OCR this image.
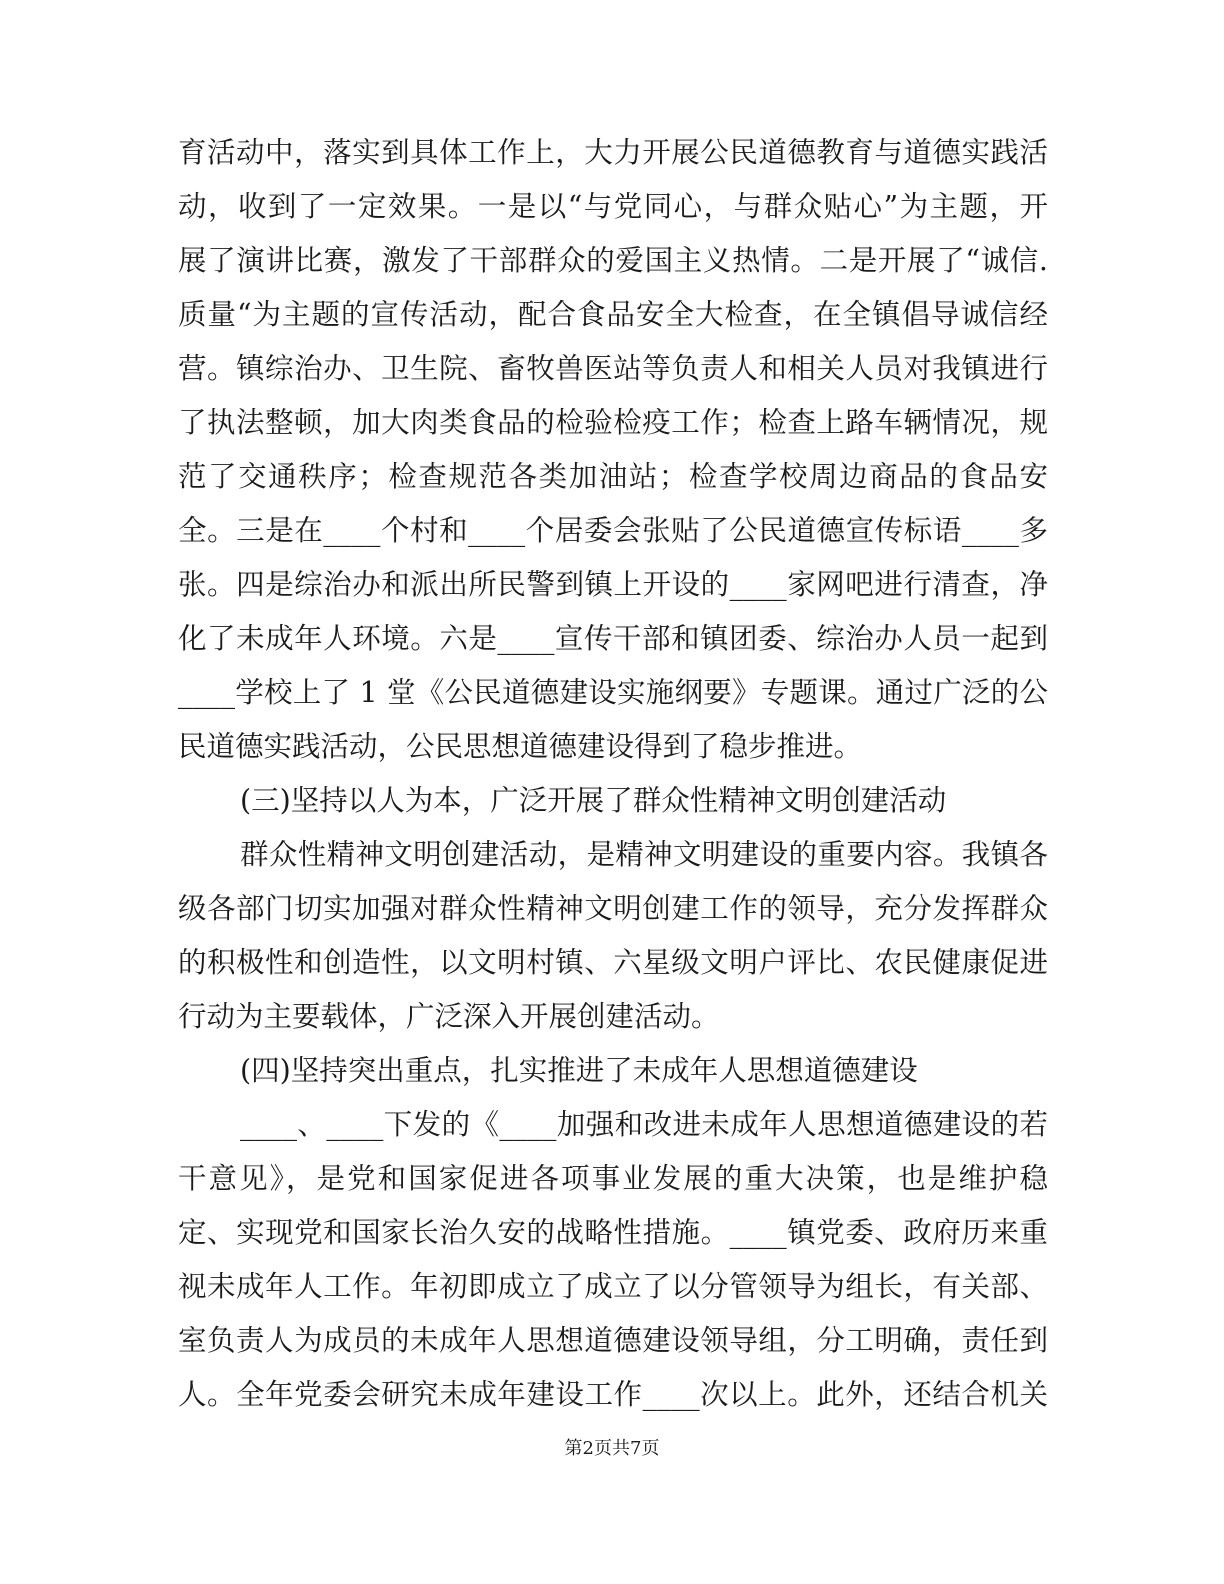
育活动中，落实到具体工作上，大力开展公民道德教育与道德实践活
动，收到了一定效果。一是以“与党同心，与群众贴心”为主题，开
展了演讲比赛，激发了干部群众的爱国主义热情。二是开展了“诚信.
质量“为主题的宣传活动，配合食品安全大检查，在全镇倡导诚信经
营。镇综治办、卫生院、畜牧兽医站等负责人和相关人员对我镇进行
了执法整顿，加大肉类食品的检验检疫工作；检查上路车辆情况，规
范了交通秩序；检查规范各类加油站；检查学校周边商品的食品安
全。三是在____个村和____个居委会张贴了公民道德宣传标语____多
张。四是综治办和派出所民警到镇上开设的____家网吧进行清查，净
化了未成年人环境。六是____宣传干部和镇团委、综治办人员一起到
____学校上了 1 堂《公民道德建设实施纲要》专题课。通过广泛的公
民道德实践活动，公民思想道德建设得到了稳步推进。
(三)坚持以人为本，广泛开展了群众性精神文明创建活动
群众性精神文明创建活动，是精神文明建设的重要内容。我镇各
级各部门切实加强对群众性精神文明创建工作的领导，充分发挥群众
的积极性和创造性，以文明村镇、六星级文明户评比、农民健康促进
行动为主要载体，广泛深入开展创建活动。
(四)坚持突出重点，扎实推进了未成年人思想道德建设
____、____下发的《____加强和改进未成年人思想道德建设的若
干意见》，是党和国家促进各项事业发展的重大决策，也是维护稳
定、实现党和国家长治久安的战略性措施。____镇党委、政府历来重
视未成年人工作。年初即成立了成立了以分管领导为组长，有关部、
室负责人为成员的未成年人思想道德建设领导组，分工明确，责任到
人。全年党委会研究未成年建设工作____次以上。此外，还结合机关
第2页共7页
